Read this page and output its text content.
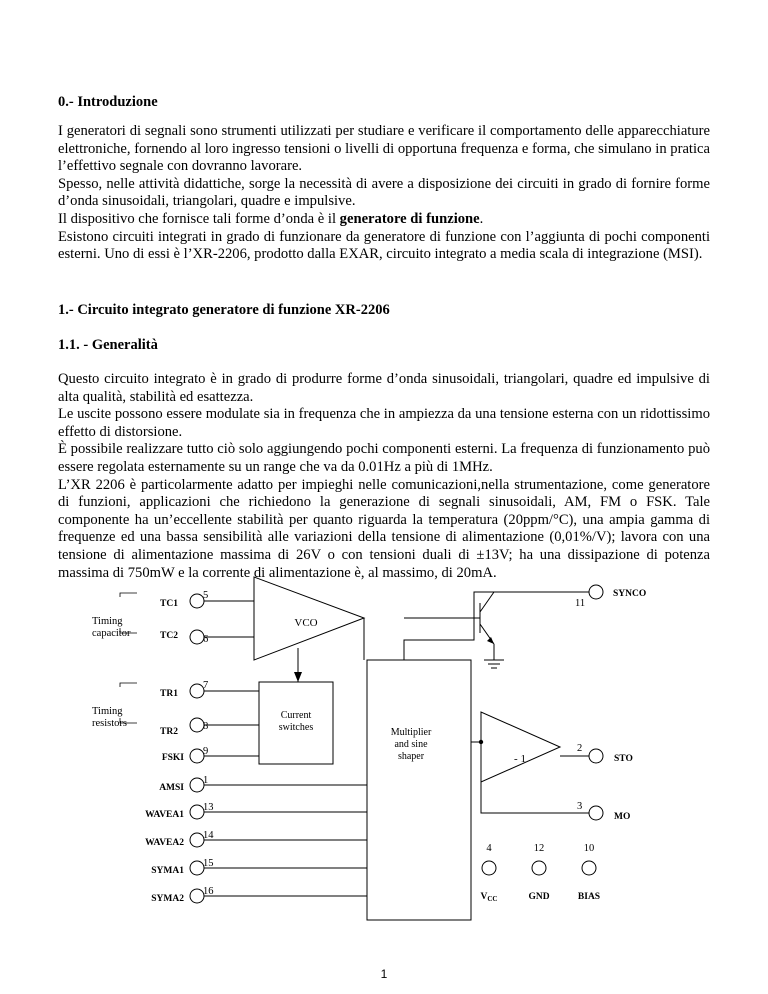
0.- Introduzione
I generatori di segnali sono strumenti utilizzati per studiare e verificare il comportamento delle apparecchiature elettroniche, fornendo al loro ingresso tensioni o livelli di opportuna frequenza e forma, che simulano in pratica l’effettivo segnale con dovranno lavorare.
Spesso, nelle attività didattiche, sorge la necessità di avere a disposizione dei circuiti in grado di fornire forme d’onda sinusoidali, triangolari, quadre e impulsive.
Il dispositivo che fornisce tali forme d’onda è il generatore di funzione.
Esistono circuiti integrati in grado di funzionare da generatore di funzione con l’aggiunta di pochi componenti esterni. Uno di essi è l’XR-2206, prodotto dalla EXAR, circuito integrato a media scala di integrazione (MSI).
1.- Circuito integrato generatore di funzione XR-2206
1.1. - Generalità
Questo circuito integrato è in grado di produrre forme d’onda sinusoidali, triangolari, quadre ed impulsive di alta qualità, stabilità ed esattezza.
Le uscite possono essere modulate sia in frequenza che in ampiezza da una tensione esterna con un ridottissimo effetto di distorsione.
È possibile realizzare tutto ciò solo aggiungendo pochi componenti esterni. La frequenza di funzionamento può essere regolata esternamente su un range che va da 0.01Hz a più di 1MHz.
L’XR 2206 è particolarmente adatto per impieghi nelle comunicazioni,nella strumentazione, come generatore di funzioni, applicazioni che richiedono la generazione di segnali sinusoidali, AM, FM o FSK. Tale componente ha un’eccellente stabilità per quanto riguarda la temperatura (20ppm/°C), una ampia gamma di frequenze ed una bassa sensibilità alle variazioni della tensione di alimentazione (0,01%/V); lavora con una tensione di alimentazione massima di 26V o con tensioni duali di ±13V; ha una dissipazione di potenza massima di 750mW e la corrente di alimentazione è, al massimo, di 20mA.
Timing capacitor
Timing resistors
TC1
TC2
TR1
TR2
FSKI
AMSI
WAVEA1
WAVEA2
SYMA1
SYMA2
5
6
7
8
9
1
13
14
15
16
VCO
Current switches	Multiplier and sine shaper	- 1
11
SYNCO
2
STO
3
MO
4	12	10
$V_{CC}$	GND	BIAS
1
